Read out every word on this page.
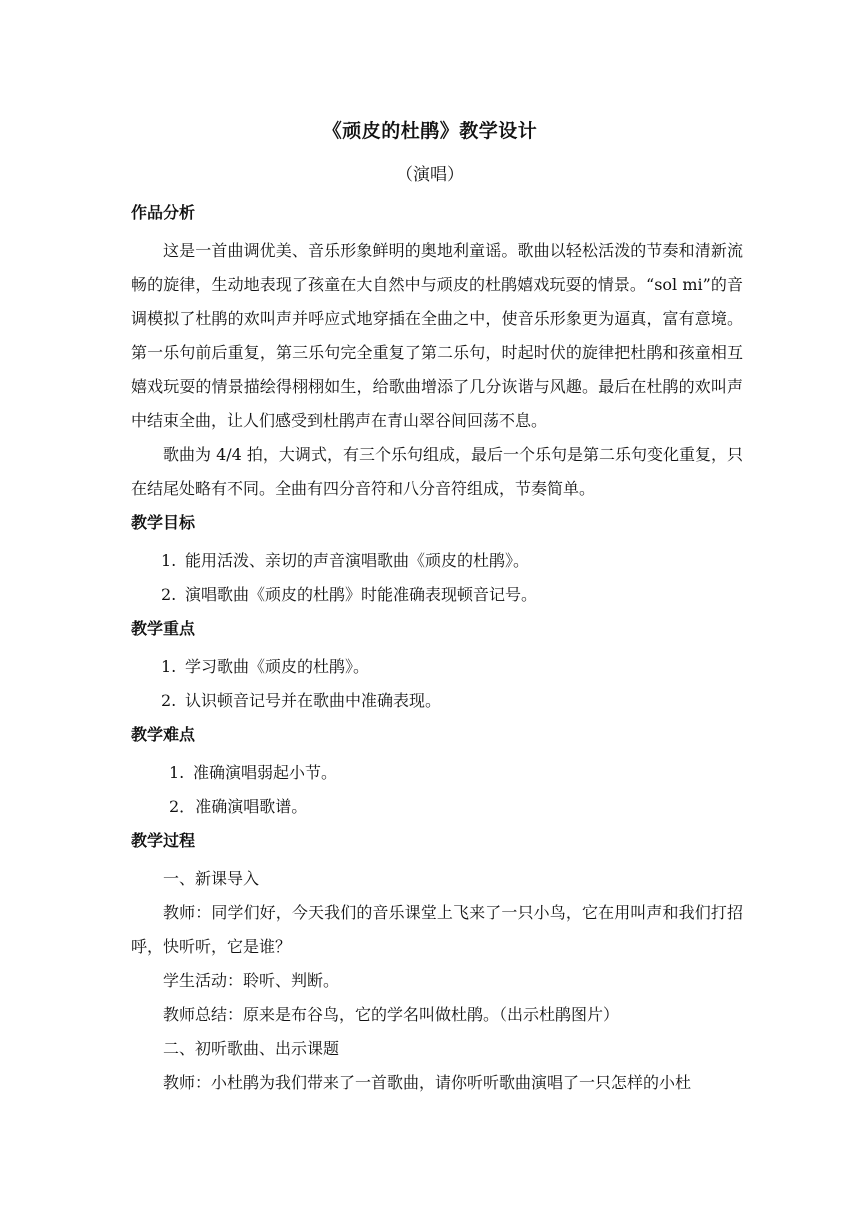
《顽皮的杜鹃》教学设计
（演唱）
作品分析

这是一首曲调优美、音乐形象鲜明的奥地利童谣。歌曲以轻松活泼的节奏和清新流畅的旋律，生动地表现了孩童在大自然中与顽皮的杜鹃嬉戏玩耍的情景。“sol mi”的音调模拟了杜鹃的欢叫声并呼应式地穿插在全曲之中，使音乐形象更为逼真，富有意境。第一乐句前后重复，第三乐句完全重复了第二乐句，时起时伏的旋律把杜鹃和孩童相互嬉戏玩耍的情景描绘得栩栩如生，给歌曲增添了几分诙谐与风趣。最后在杜鹃的欢叫声中结束全曲，让人们感受到杜鹃声在青山翠谷间回荡不息。

歌曲为 4/4 拍，大调式，有三个乐句组成，最后一个乐句是第二乐句变化重复，只在结尾处略有不同。全曲有四分音符和八分音符组成，节奏简单。

教学目标
1. 能用活泼、亲切的声音演唱歌曲《顽皮的杜鹃》。
2. 演唱歌曲《顽皮的杜鹃》时能准确表现顿音记号。
教学重点
1. 学习歌曲《顽皮的杜鹃》。
2. 认识顿音记号并在歌曲中准确表现。
教学难点
1. 准确演唱弱起小节。
2．准确演唱歌谱。
教学过程
一、新课导入

教师：同学们好，今天我们的音乐课堂上飞来了一只小鸟，它在用叫声和我们打招呼，快听听，它是谁？

学生活动：聆听、判断。
教师总结：原来是布谷鸟，它的学名叫做杜鹃。（出示杜鹃图片）
二、初听歌曲、出示课题

教师：小杜鹃为我们带来了一首歌曲，请你听听歌曲演唱了一只怎样的小杜
